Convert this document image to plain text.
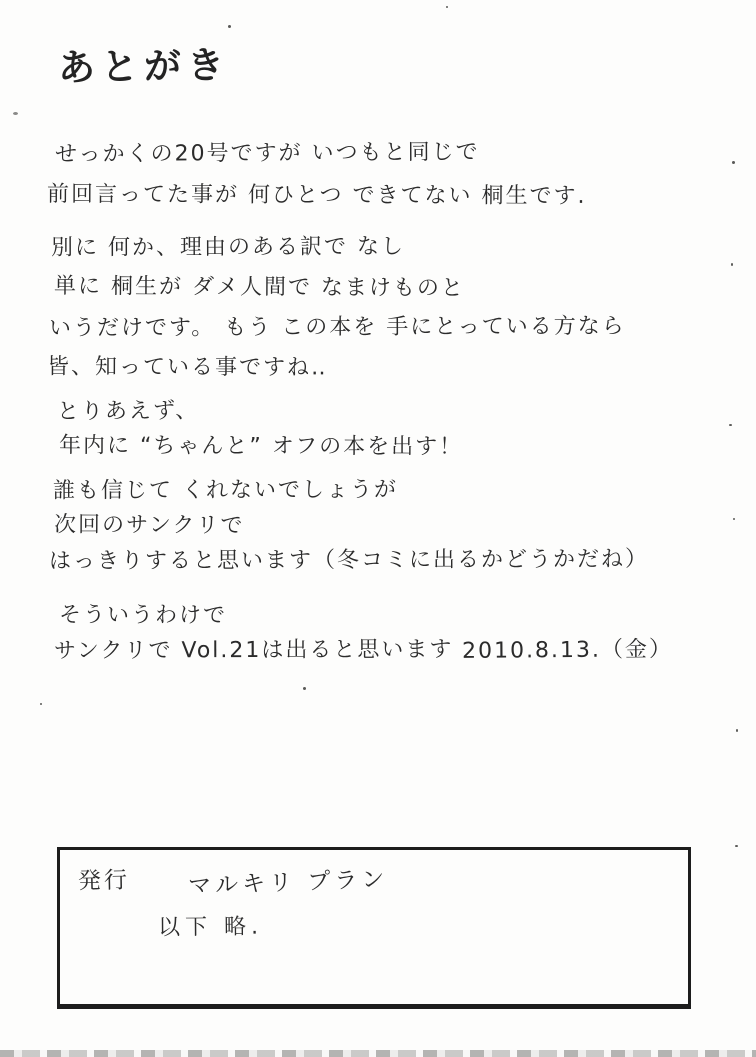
あとがき
せっかくの20号ですが いつもと同じで
前回言ってた事が 何ひとつ できてない 桐生です.
別に 何か、理由のある訳で なし
単に 桐生が ダメ人間で なまけものと
いうだけです。 もう この本を 手にとっている方なら
皆、知っている事ですね‥
とりあえず、
年内に “ちゃんと” オフの本を出す！
誰も信じて くれないでしょうが
次回のサンクリで
はっきりすると思います（冬コミに出るかどうかだね）
そういうわけで
サンクリで Vol.21は出ると思います 2010.8.13.（金）
発行 マルキリ プラン
以下 略.
